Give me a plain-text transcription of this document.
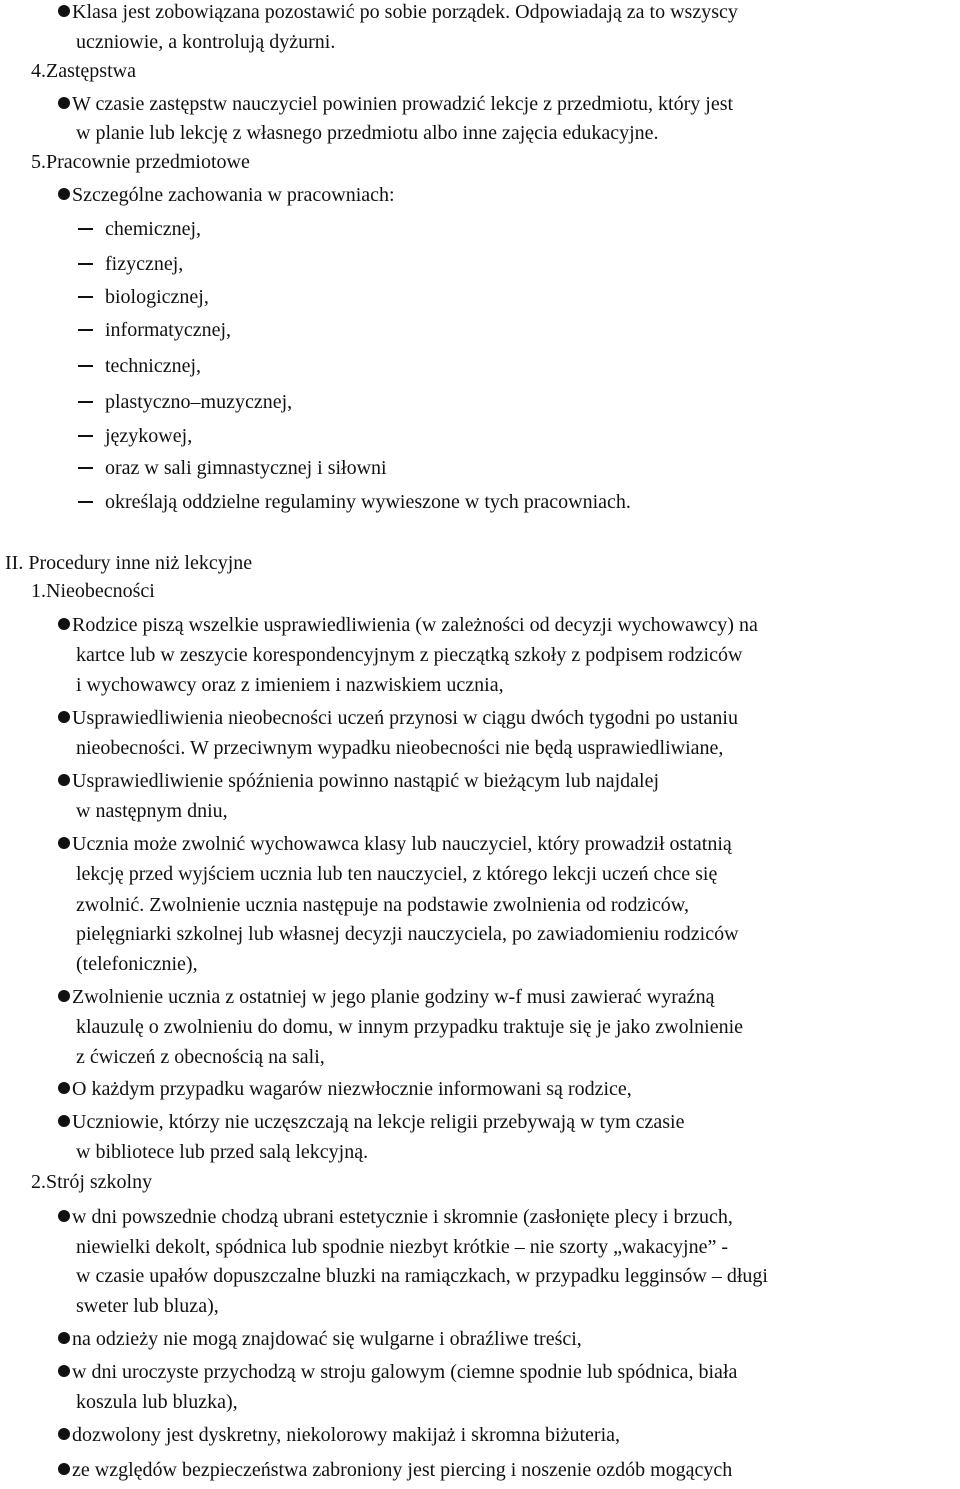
Klasa jest zobowiązana pozostawić po sobie porządek. Odpowiadają za to wszyscy
uczniowie, a kontrolują dyżurni.
4.Zastępstwa
W czasie zastępstw nauczyciel powinien prowadzić lekcje z przedmiotu, który jest
w planie lub lekcję z własnego przedmiotu albo inne zajęcia edukacyjne.
5.Pracownie przedmiotowe
Szczególne zachowania w pracowniach:
chemicznej,
fizycznej,
biologicznej,
informatycznej,
technicznej,
plastyczno–muzycznej,
językowej,
oraz w sali gimnastycznej i siłowni
określają oddzielne regulaminy wywieszone w tych pracowniach.
II. Procedury inne niż lekcyjne
1.Nieobecności
Rodzice piszą wszelkie usprawiedliwienia (w zależności od decyzji wychowawcy) na
kartce lub w zeszycie korespondencyjnym z pieczątką szkoły z podpisem rodziców
i wychowawcy oraz z imieniem i nazwiskiem ucznia,
Usprawiedliwienia nieobecności uczeń przynosi w ciągu dwóch tygodni po ustaniu
nieobecności. W przeciwnym wypadku nieobecności nie będą usprawiedliwiane,
Usprawiedliwienie spóźnienia powinno nastąpić w bieżącym lub najdalej
w następnym dniu,
Ucznia może zwolnić wychowawca klasy lub nauczyciel, który prowadził ostatnią
lekcję przed wyjściem ucznia lub ten nauczyciel, z którego lekcji uczeń chce się
zwolnić. Zwolnienie ucznia następuje na podstawie zwolnienia od rodziców,
pielęgniarki szkolnej lub własnej decyzji nauczyciela, po zawiadomieniu rodziców
(telefonicznie),
Zwolnienie ucznia z ostatniej w jego planie godziny w-f musi zawierać wyraźną
klauzulę o zwolnieniu do domu, w innym przypadku traktuje się je jako zwolnienie
z ćwiczeń z obecnością na sali,
O każdym przypadku wagarów niezwłocznie informowani są rodzice,
Uczniowie, którzy nie uczęszczają na lekcje religii przebywają w tym czasie
w bibliotece lub przed salą lekcyjną.
2.Strój szkolny
w dni powszednie chodzą ubrani estetycznie i skromnie (zasłonięte plecy i brzuch,
niewielki dekolt, spódnica lub spodnie niezbyt krótkie – nie szorty „wakacyjne” -
w czasie upałów dopuszczalne bluzki na ramiączkach, w przypadku legginsów – długi
sweter lub bluza),
na odzieży nie mogą znajdować się wulgarne i obraźliwe treści,
w dni uroczyste przychodzą w stroju galowym (ciemne spodnie lub spódnica, biała
koszula lub bluzka),
dozwolony jest dyskretny, niekolorowy makijaż i skromna biżuteria,
ze względów bezpieczeństwa zabroniony jest piercing i noszenie ozdób mogących
